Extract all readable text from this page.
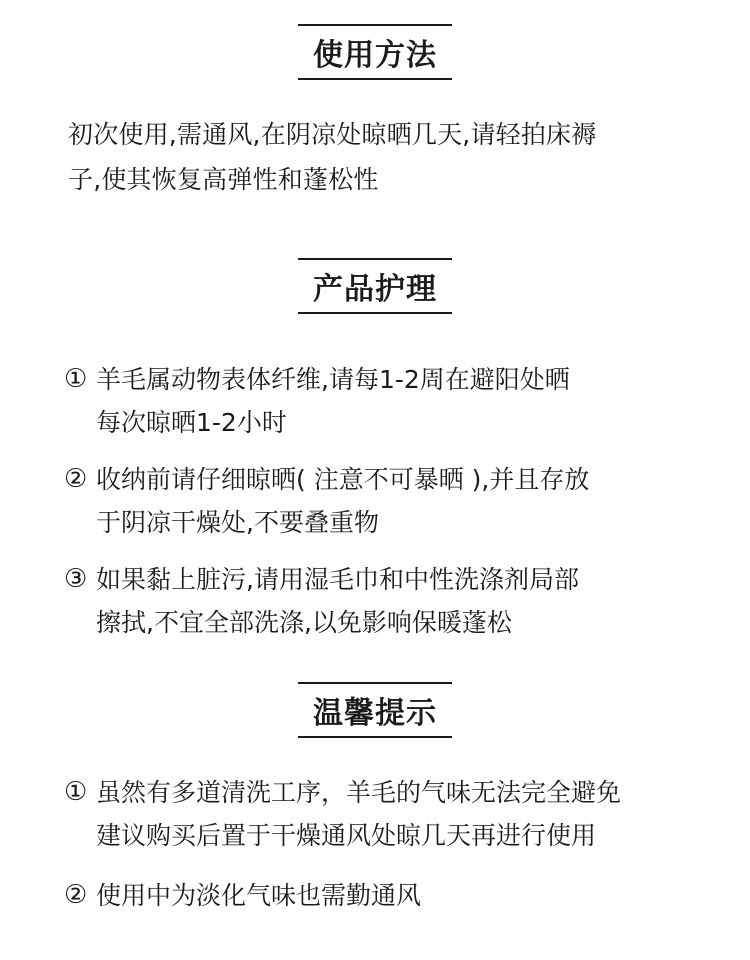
使用方法
初次使用,需通风,在阴凉处晾晒几天,请轻拍床褥
子,使其恢复高弹性和蓬松性
产品护理
① 羊毛属动物表体纤维,请每1-2周在避阳处晒
每次晾晒1-2小时
② 收纳前请仔细晾晒( 注意不可暴晒 ),并且存放
于阴凉干燥处,不要叠重物
③ 如果黏上脏污,请用湿毛巾和中性洗涤剂局部
擦拭,不宜全部洗涤,以免影响保暖蓬松
温馨提示
① 虽然有多道清洗工序，羊毛的气味无法完全避免
建议购买后置于干燥通风处晾几天再进行使用
② 使用中为淡化气味也需勤通风
